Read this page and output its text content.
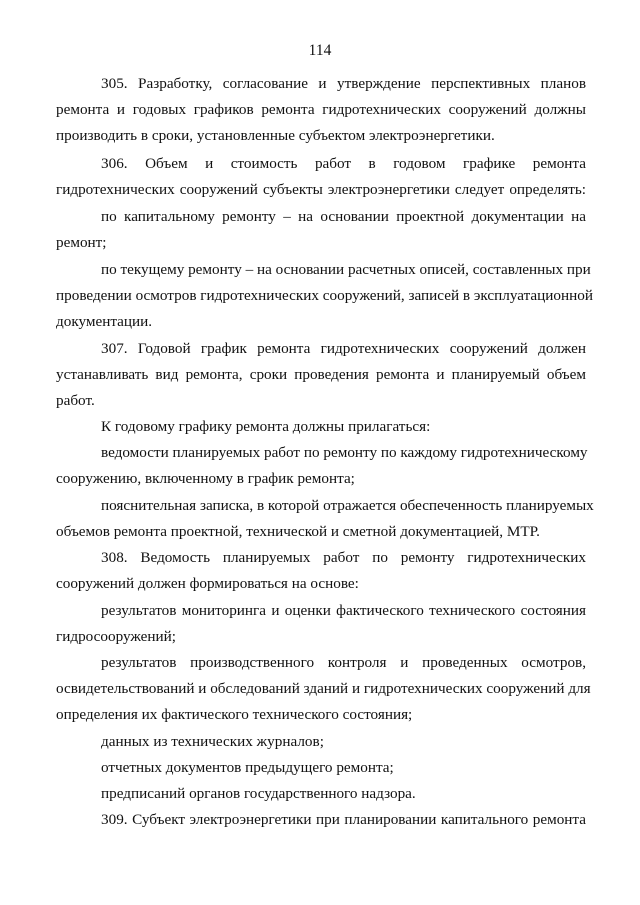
114
305. Разработку, согласование и утверждение перспективных планов
ремонта и годовых графиков ремонта гидротехнических сооружений должны
производить в сроки, установленные субъектом электроэнергетики.
306. Объем и стоимость работ в годовом графике ремонта
гидротехнических сооружений субъекты электроэнергетики следует определять:
по капитальному ремонту – на основании проектной документации на
ремонт;
по текущему ремонту – на основании расчетных описей, составленных при
проведении осмотров гидротехнических сооружений, записей в эксплуатационной
документации.
307. Годовой график ремонта гидротехнических сооружений должен
устанавливать вид ремонта, сроки проведения ремонта и планируемый объем
работ.
К годовому графику ремонта должны прилагаться:
ведомости планируемых работ по ремонту по каждому гидротехническому
сооружению, включенному в график ремонта;
пояснительная записка, в которой отражается обеспеченность планируемых
объемов ремонта проектной, технической и сметной документацией, МТР.
308. Ведомость планируемых работ по ремонту гидротехнических
сооружений должен формироваться на основе:
результатов мониторинга и оценки фактического технического состояния
гидросооружений;
результатов производственного контроля и проведенных осмотров,
освидетельствований и обследований зданий и гидротехнических сооружений для
определения их фактического технического состояния;
данных из технических журналов;
отчетных документов предыдущего ремонта;
предписаний органов государственного надзора.
309. Субъект электроэнергетики при планировании капитального ремонта
